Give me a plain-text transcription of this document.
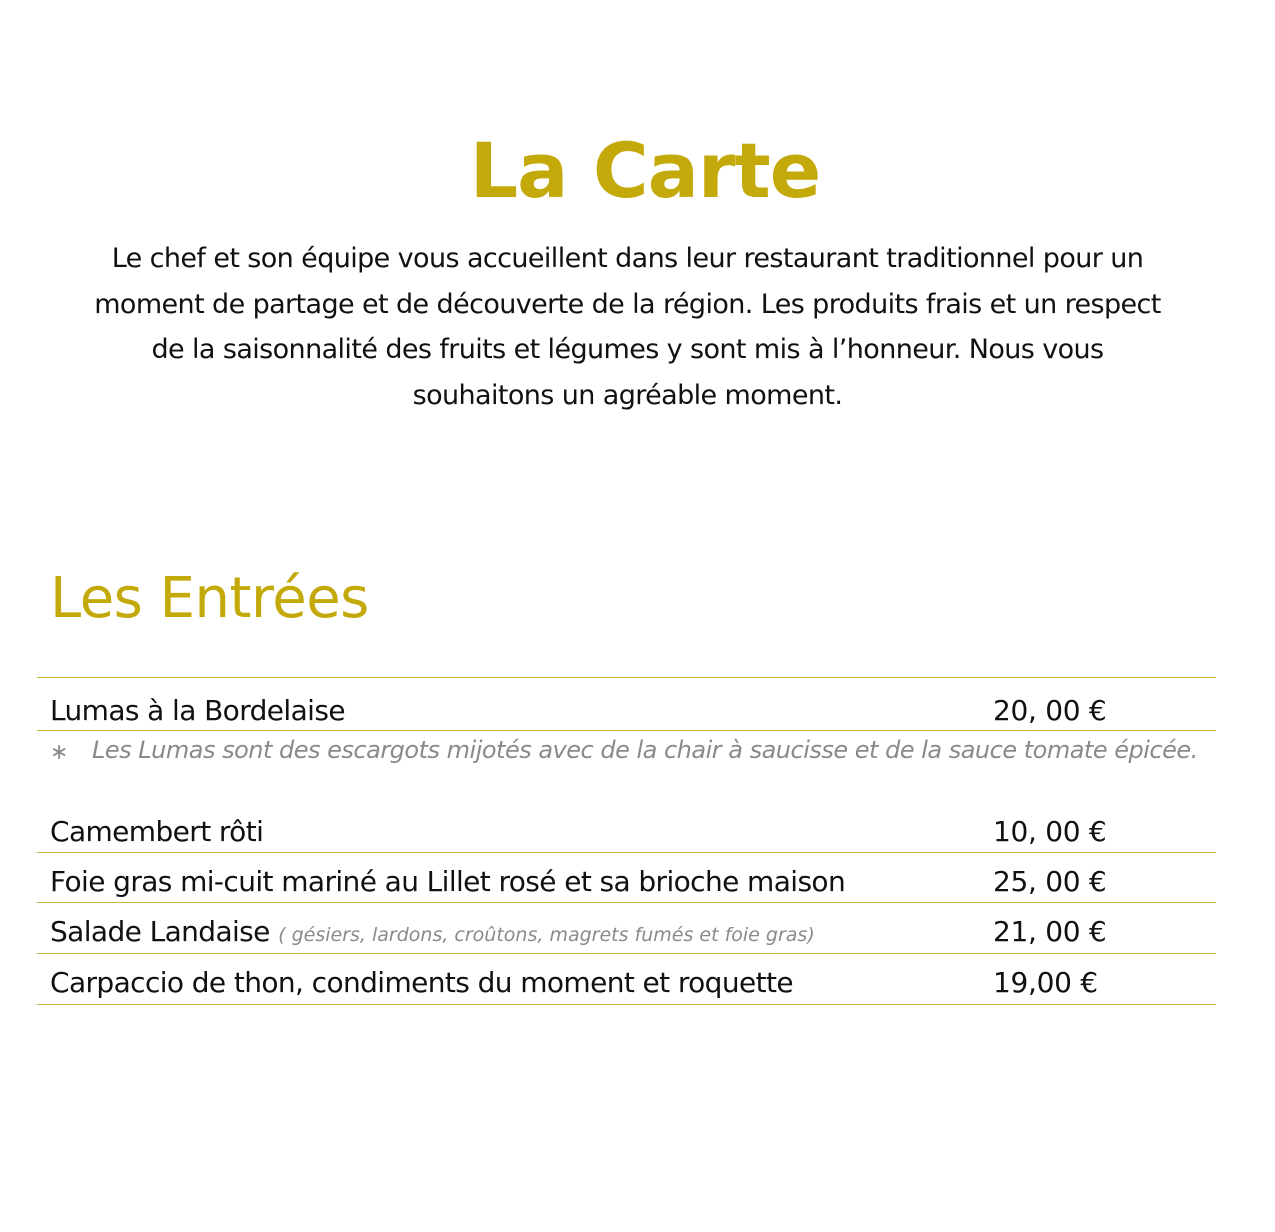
La Carte

Le chef et son équipe vous accueillent dans leur restaurant traditionnel pour un moment de partage et de découverte de la région. Les produits frais et un respect de la saisonnalité des fruits et légumes y sont mis à l’honneur. Nous vous souhaitons un agréable moment.

Les Entrées
Lumas à la Bordelaise	20, 00 €
∗ Les Lumas sont des escargots mijotés avec de la chair à saucisse et de la sauce tomate épicée.
Camembert rôti	10, 00 €
Foie gras mi-cuit mariné au Lillet rosé et sa brioche maison	25, 00 €
Salade Landaise ( gésiers, lardons, croûtons, magrets fumés et foie gras)	21, 00 €
Carpaccio de thon, condiments du moment et roquette	19,00 €
